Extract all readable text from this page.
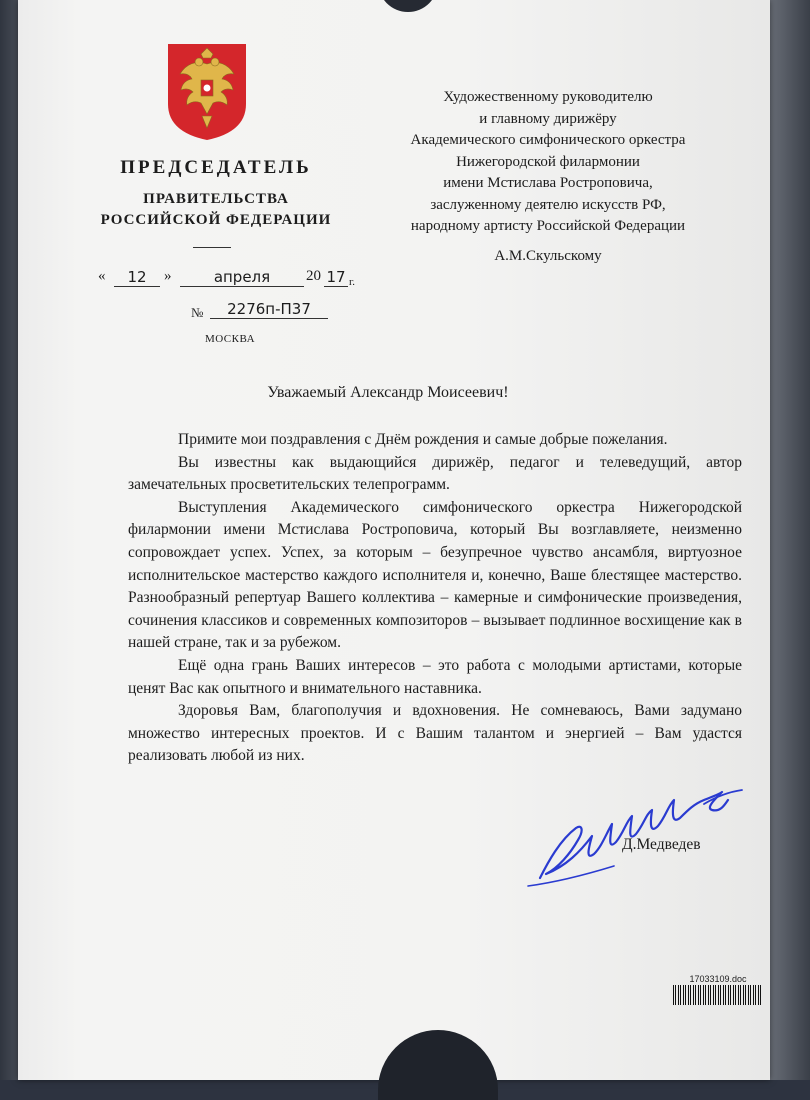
ПРЕДСЕДАТЕЛЬ
ПРАВИТЕЛЬСТВА
РОССИЙСКОЙ ФЕДЕРАЦИИ
«	12	»	апреля	20 17 г.
№	2276п-П37
МОСКВА
Художественному руководителю
и главному дирижёру
Академического симфонического оркестра
Нижегородской филармонии
имени Мстислава Ростроповича,
заслуженному деятелю искусств РФ,
народному артисту Российской Федерации
А.М.Скульскому
Уважаемый Александр Моисеевич!

Примите мои поздравления с Днём рождения и самые добрые пожелания.

Вы известны как выдающийся дирижёр, педагог и телеведущий, автор замечательных просветительских телепрограмм.

Выступления Академического симфонического оркестра Нижегородской филармонии имени Мстислава Ростроповича, который Вы возглавляете, неизменно сопровождает успех. Успех, за которым – безупречное чувство ансамбля, виртуозное исполнительское мастерство каждого исполнителя и, конечно, Ваше блестящее мастерство. Разнообразный репертуар Вашего коллектива – камерные и симфонические произведения, сочинения классиков и современных композиторов – вызывает подлинное восхищение как в нашей стране, так и за рубежом.

Ещё одна грань Ваших интересов – это работа с молодыми артистами, которые ценят Вас как опытного и внимательного наставника.

Здоровья Вам, благополучия и вдохновения. Не сомневаюсь, Вами задумано множество интересных проектов. И с Вашим талантом и энергией – Вам удастся реализовать любой из них.

Д.Медведев
17033109.doc
